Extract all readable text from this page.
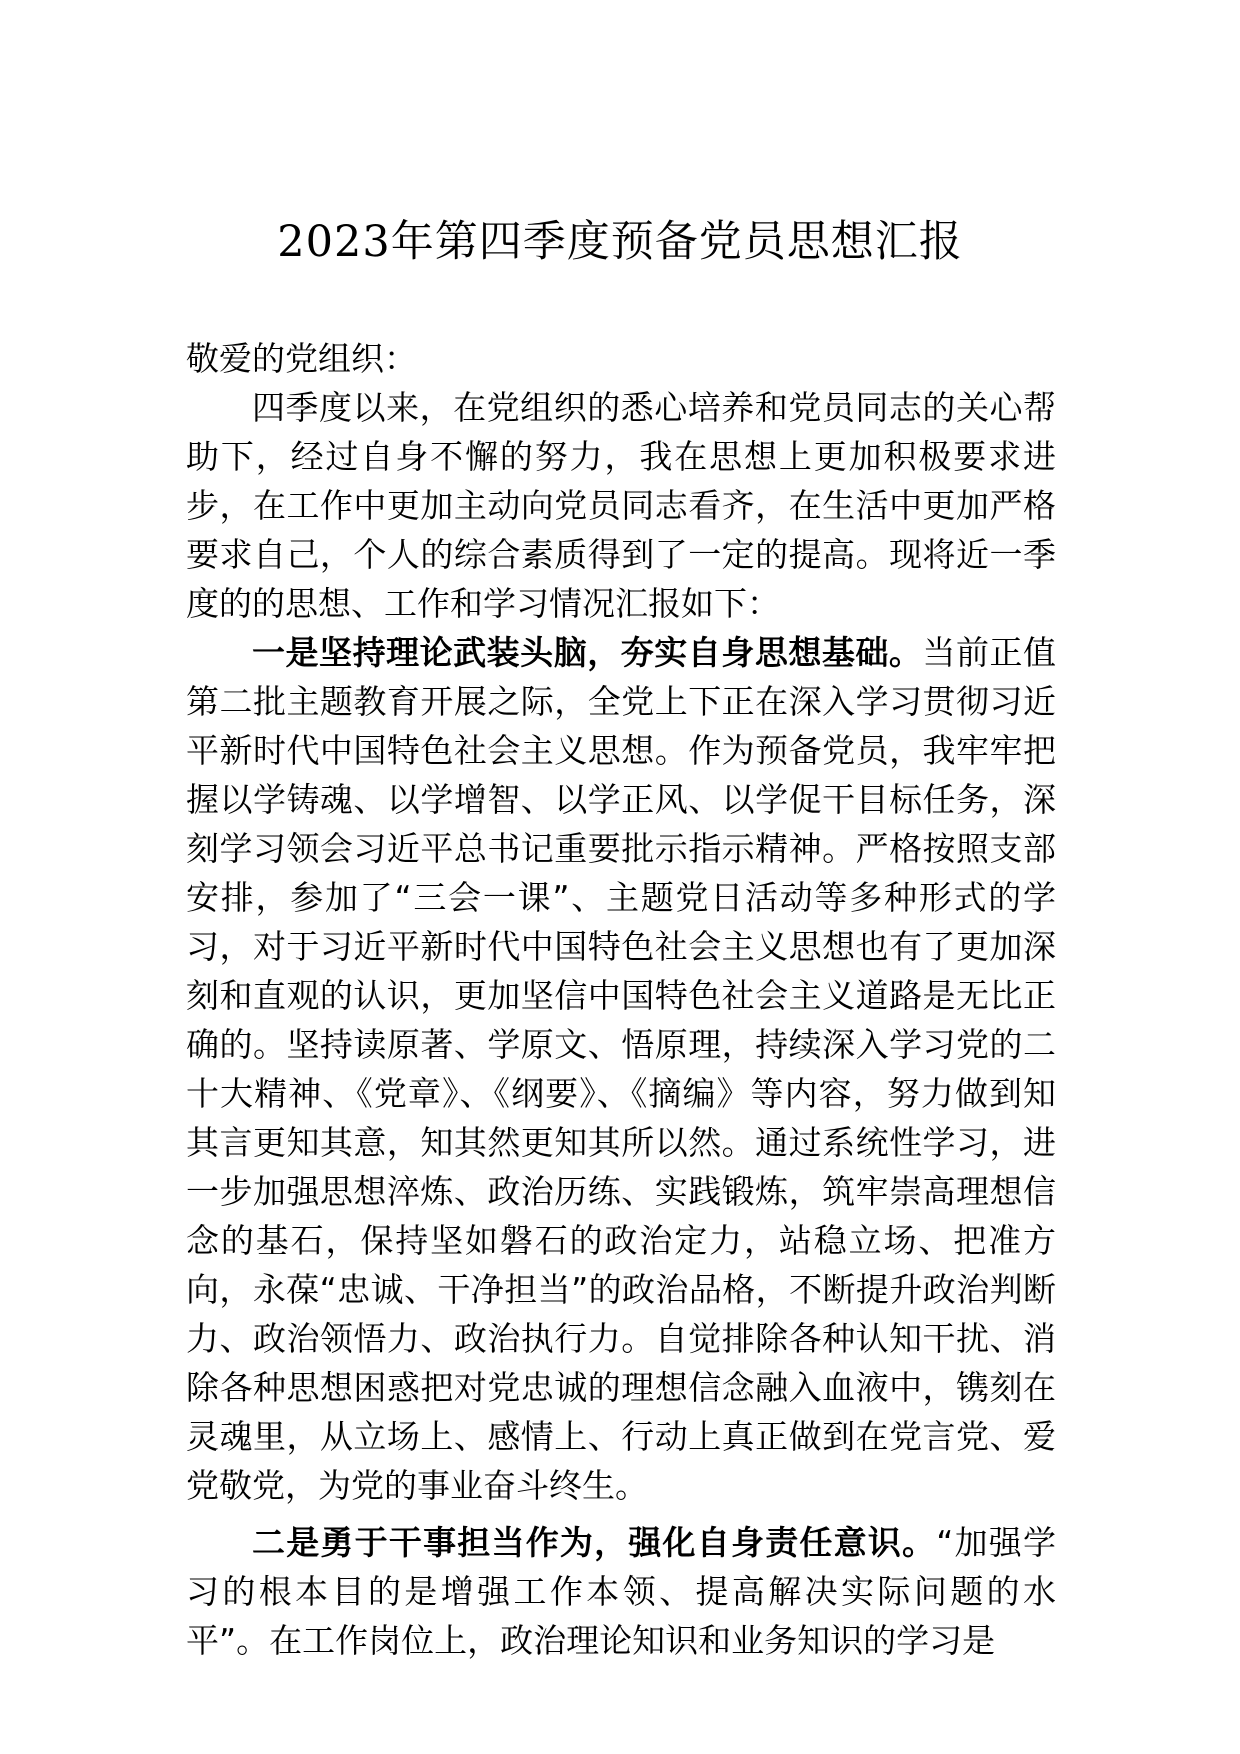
2023年第四季度预备党员思想汇报

敬爱的党组织：

四季度以来，在党组织的悉心培养和党员同志的关心帮助下，经过自身不懈的努力，我在思想上更加积极要求进步，在工作中更加主动向党员同志看齐，在生活中更加严格要求自己，个人的综合素质得到了一定的提高。现将近一季度的的思想、工作和学习情况汇报如下：

一是坚持理论武装头脑，夯实自身思想基础。当前正值第二批主题教育开展之际，全党上下正在深入学习贯彻习近平新时代中国特色社会主义思想。作为预备党员，我牢牢把握以学铸魂、以学增智、以学正风、以学促干目标任务，深刻学习领会习近平总书记重要批示指示精神。严格按照支部安排，参加了“三会一课”、主题党日活动等多种形式的学习，对于习近平新时代中国特色社会主义思想也有了更加深刻和直观的认识，更加坚信中国特色社会主义道路是无比正确的。坚持读原著、学原文、悟原理，持续深入学习党的二十大精神、《党章》、《纲要》、《摘编》等内容，努力做到知其言更知其意，知其然更知其所以然。通过系统性学习，进一步加强思想淬炼、政治历练、实践锻炼，筑牢崇高理想信念的基石，保持坚如磐石的政治定力，站稳立场、把准方向，永葆“忠诚、干净担当”的政治品格，不断提升政治判断力、政治领悟力、政治执行力。自觉排除各种认知干扰、消除各种思想困惑把对党忠诚的理想信念融入血液中，镌刻在灵魂里，从立场上、感情上、行动上真正做到在党言党、爱党敬党，为党的事业奋斗终生。

二是勇于干事担当作为，强化自身责任意识。“加强学习的根本目的是增强工作本领、提高解决实际问题的水平”。在工作岗位上，政治理论知识和业务知识的学习是
